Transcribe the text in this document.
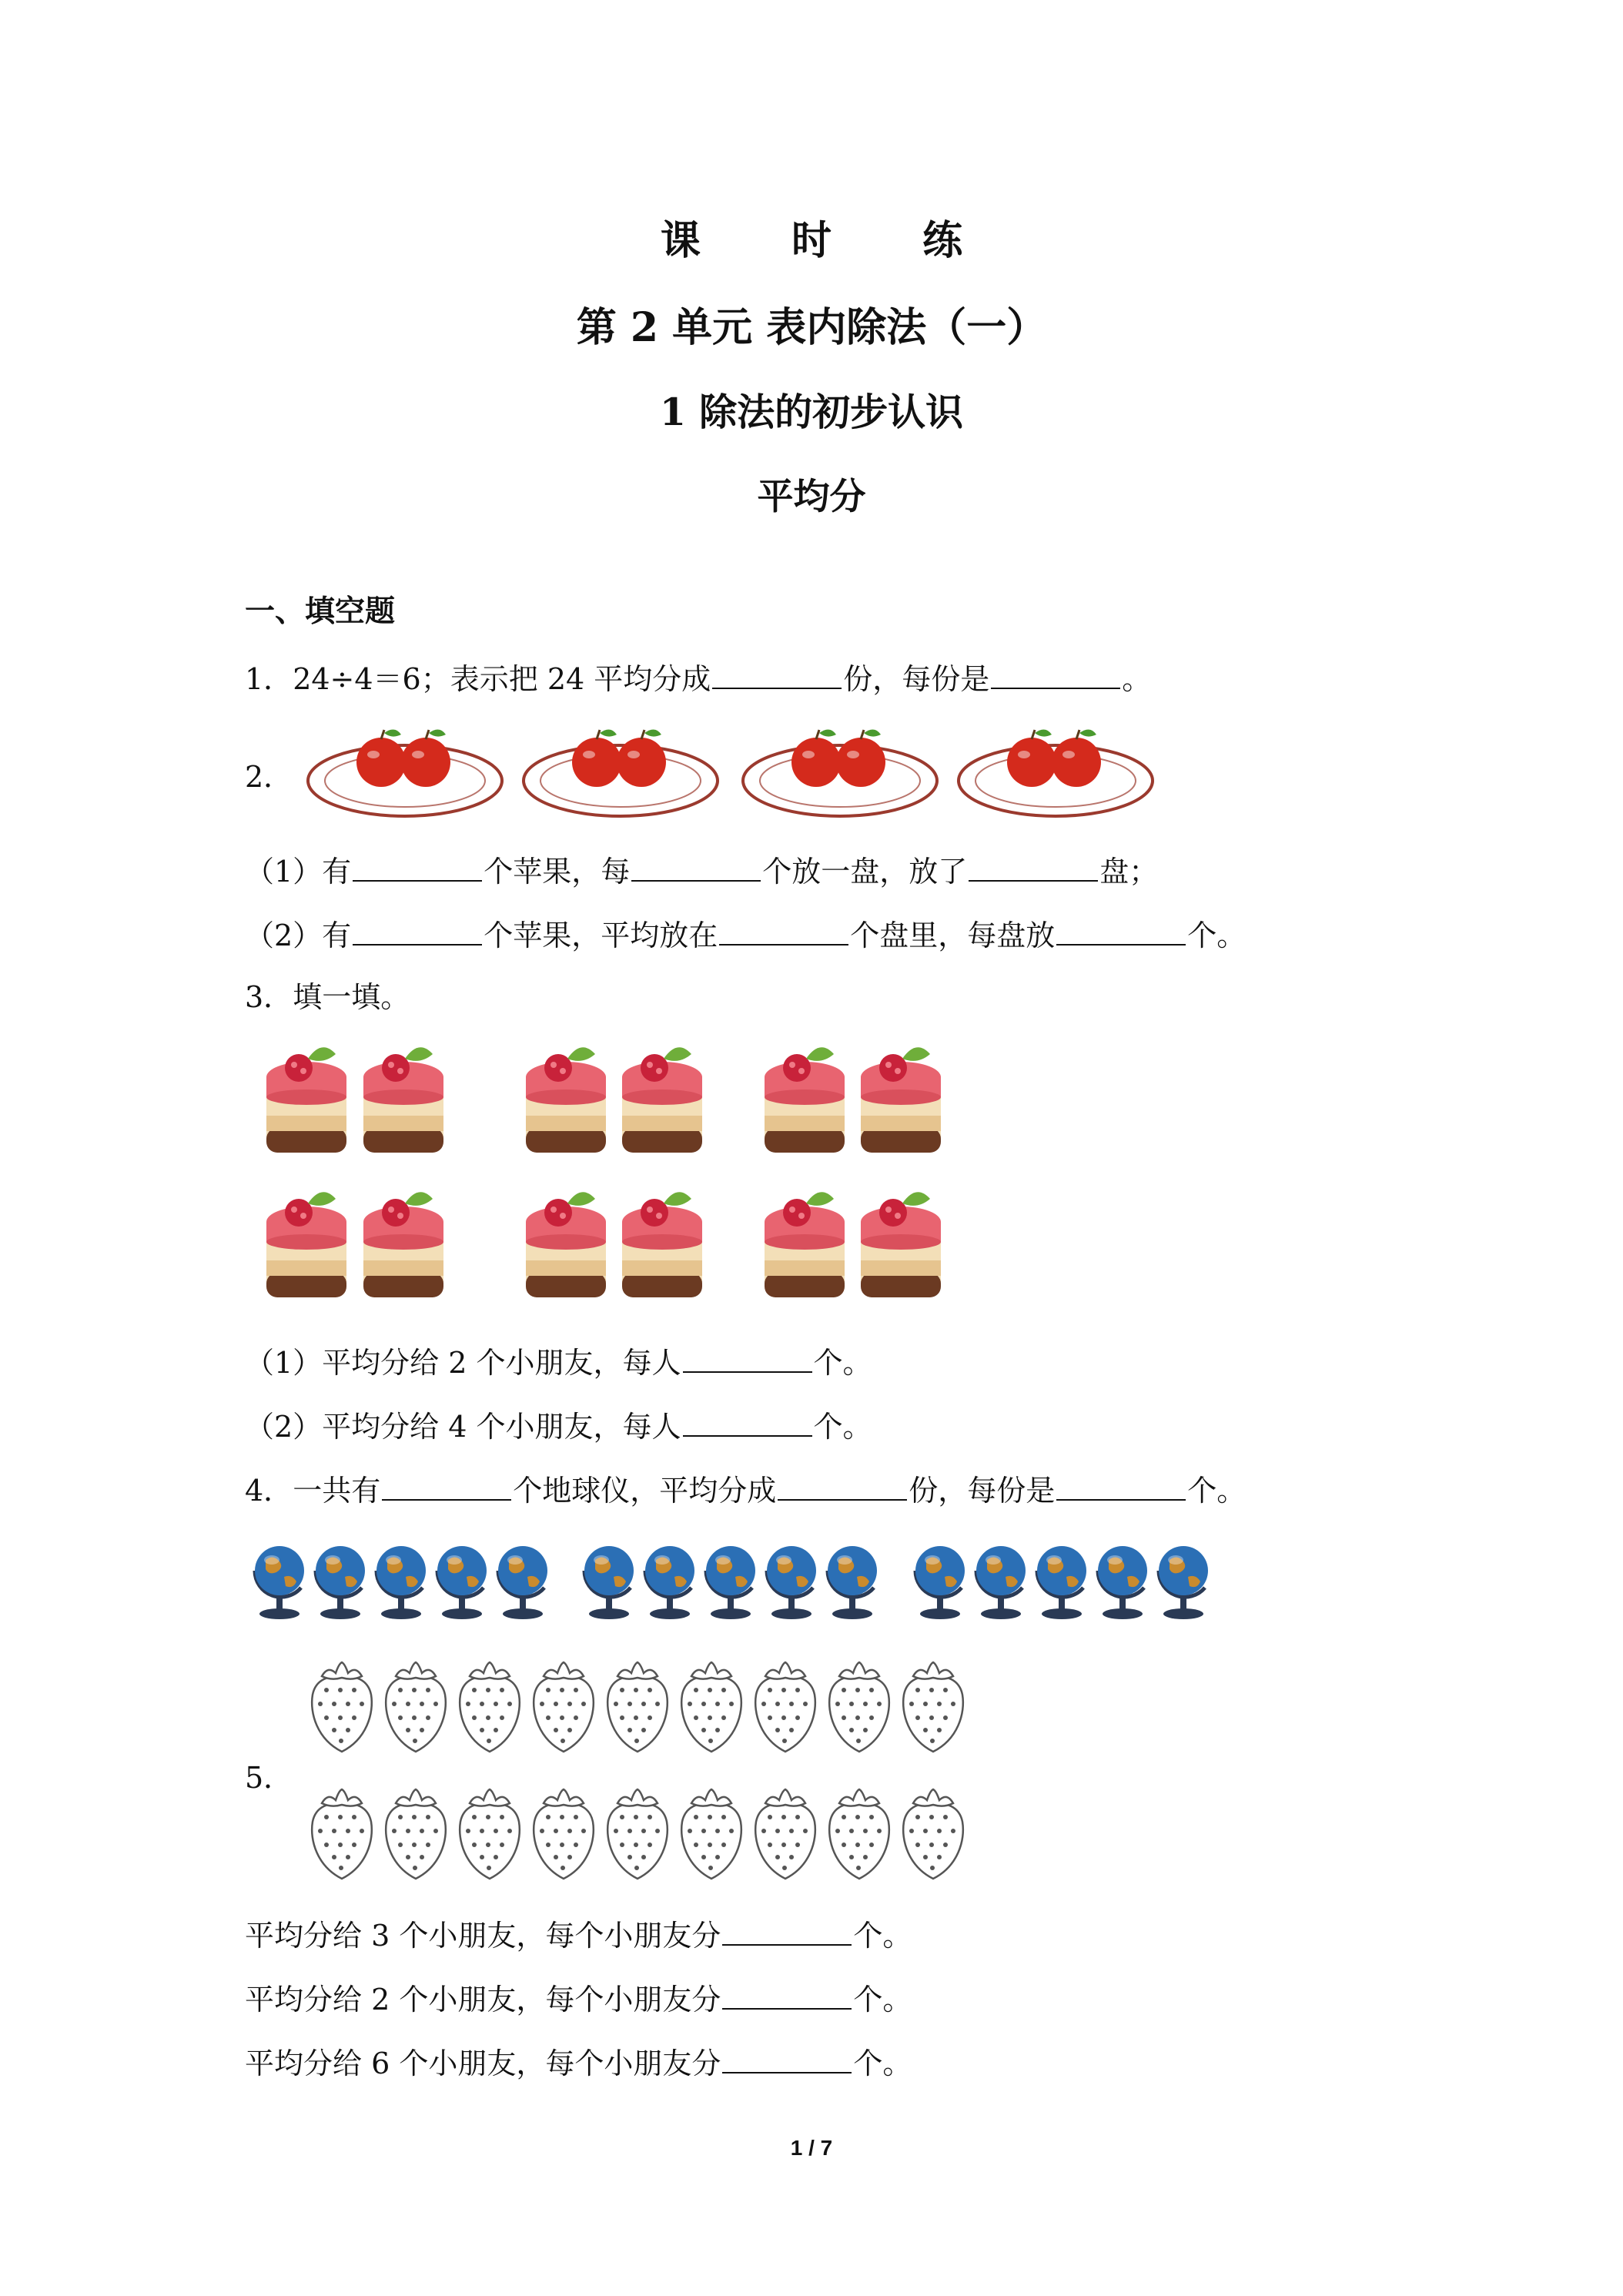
课 时 练
第 2 单元 表内除法（一）
1 除法的初步认识
平均分
一、填空题
1．24÷4＝6；表示把 24 平均分成	份，每份是	。
2．
（1）有	个苹果，每	个放一盘，放了	盘；
（2）有	个苹果，平均放在	个盘里，每盘放	个。
3．填一填。
（1）平均分给 2 个小朋友，每人	个。
（2）平均分给 4 个小朋友，每人	个。
4．一共有	个地球仪，平均分成	份，每份是	个。
5．
平均分给 3 个小朋友，每个小朋友分	个。
平均分给 2 个小朋友，每个小朋友分	个。
平均分给 6 个小朋友，每个小朋友分	个。
1 / 7
